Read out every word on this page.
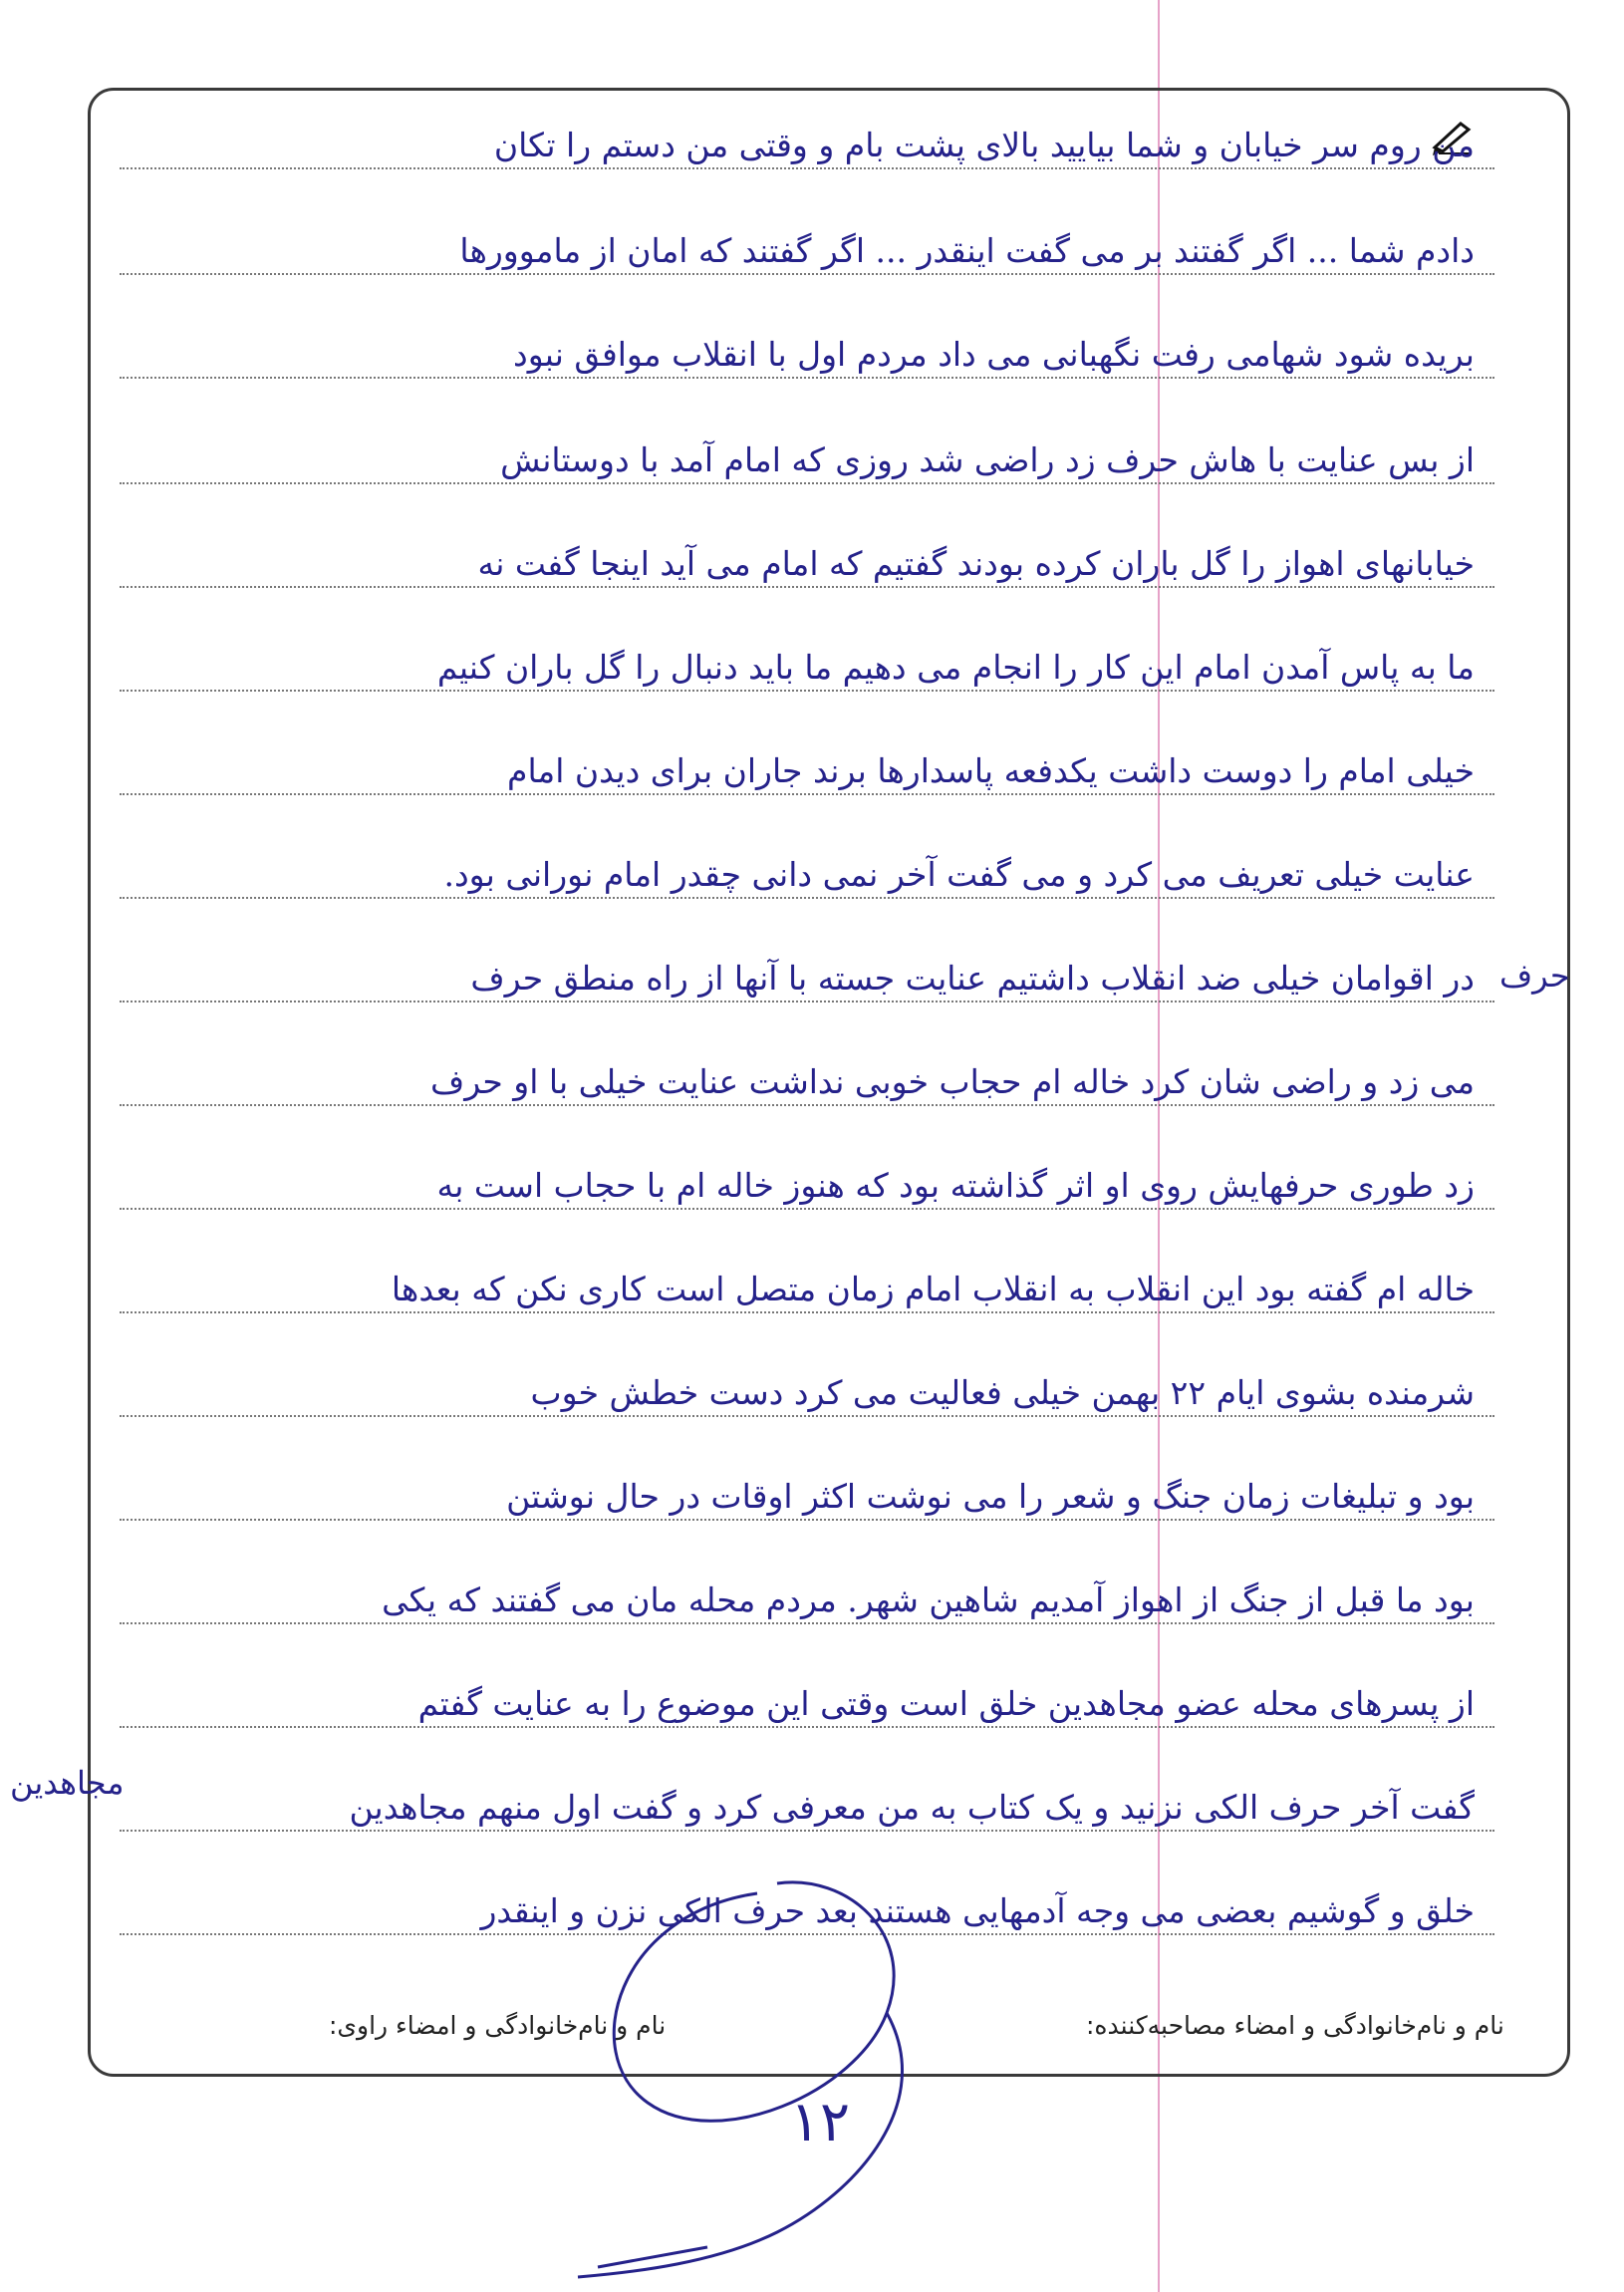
من روم سر خیابان و شما بیایید بالای پشت بام و وقتی من دستم را تکان
دادم شما ... اگر گفتند بر می گفت اینقدر ... اگر گفتند که امان از ماموورها
بریده شود شهامی رفت نگهبانی می داد مردم اول با انقلاب موافق نبود
از بس عنایت با هاش حرف زد راضی شد روزی که امام آمد با دوستانش
خیابانهای اهواز را گل باران کرده بودند گفتیم که امام می آید اینجا گفت نه
ما به پاس آمدن امام این کار را انجام می دهیم ما باید دنبال را گل باران کنیم
خیلی امام را دوست داشت یکدفعه پاسدارها برند جاران برای دیدن امام
عنایت خیلی تعریف می کرد و می گفت آخر نمی دانی چقدر امام نورانی بود.
در اقوامان خیلی ضد انقلاب داشتیم عنایت جسته با آنها از راه منطق حرف
می زد و راضی شان کرد خاله ام حجاب خوبی نداشت عنایت خیلی با او حرف
زد طوری حرفهایش روی او اثر گذاشته بود که هنوز خاله ام با حجاب است به
خاله ام گفته بود این انقلاب به انقلاب امام زمان متصل است کاری نکن که بعدها
شرمنده بشوی ایام ۲۲ بهمن خیلی فعالیت می کرد دست خطش خوب
بود و تبلیغات زمان جنگ و شعر را می نوشت اکثر اوقات در حال نوشتن
بود ما قبل از جنگ از اهواز آمدیم شاهین شهر. مردم محله مان می گفتند که یکی
از پسرهای محله عضو مجاهدین خلق است وقتی این موضوع را به عنایت گفتم
گفت آخر حرف الکی نزنید و یک کتاب به من معرفی کرد و گفت اول منهم مجاهدین
خلق و گوشیم بعضی می وجه آدمهایی هستند بعد حرف الکی نزن و اینقدر
حرف
مجاهدین
نام و نام‌خانوادگی و امضاء مصاحبه‌کننده:
نام و نام‌خانوادگی و امضاء راوی:
۱۲
